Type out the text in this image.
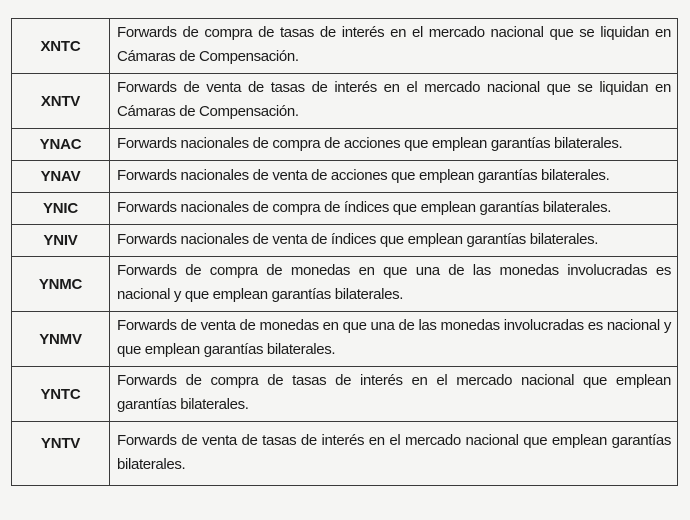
XNTC	Forwards de compra de tasas de interés en el mercado nacional que se liquidan en Cámaras de Compensación.
XNTV	Forwards de venta de tasas de interés en el mercado nacional que se liquidan en Cámaras de Compensación.
YNAC	Forwards nacionales de compra de acciones que emplean garantías bilaterales.
YNAV	Forwards nacionales de venta de acciones que emplean garantías bilaterales.
YNIC	Forwards nacionales de compra de índices que emplean garantías bilaterales.
YNIV	Forwards nacionales de venta de índices que emplean garantías bilaterales.
YNMC	Forwards de compra de monedas en que una de las monedas involucradas es nacional y que emplean garantías bilaterales.
YNMV	Forwards de venta de monedas en que una de las monedas involucradas es nacional y que emplean garantías bilaterales.
YNTC	Forwards de compra de tasas de interés en el mercado nacional que emplean garantías bilaterales.
YNTV	Forwards de venta de tasas de interés en el mercado nacional que emplean garantías bilaterales.
